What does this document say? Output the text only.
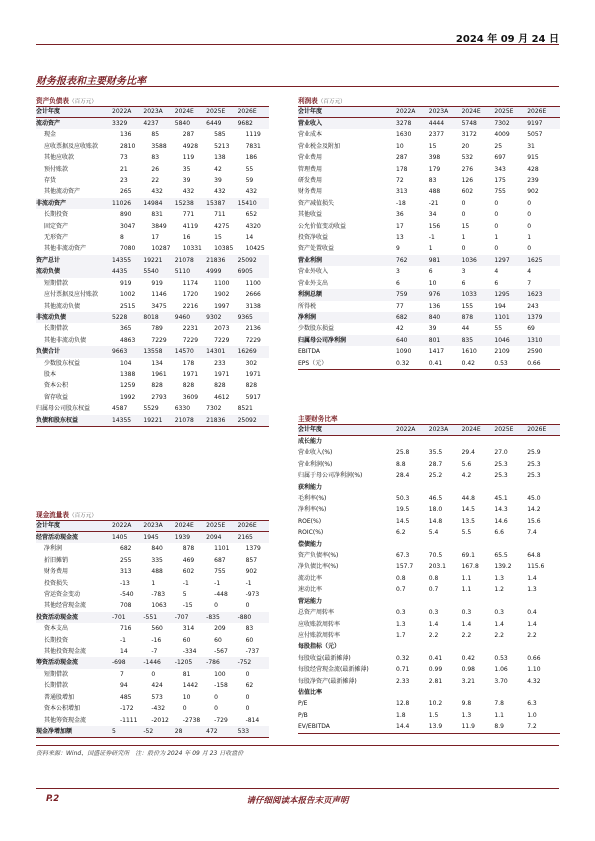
2024 年 09 月 24 日
财务报表和主要财务比率
资产负债表（百万元）
会计年度	2022A	2023A	2024E	2025E	2026E
流动资产	3329	4237	5840	6449	9682
现金	136	85	287	585	1119
应收票据及应收账款	2810	3588	4928	5213	7831
其他应收款	73	83	119	138	186
预付账款	21	26	35	42	55
存货	23	22	39	39	59
其他流动资产	265	432	432	432	432
非流动资产	11026	14984	15238	15387	15410
长期投资	890	831	771	711	652
固定资产	3047	3849	4119	4275	4320
无形资产	8	17	16	15	14
其他非流动资产	7080	10287	10331	10385	10425
资产总计	14355	19221	21078	21836	25092
流动负债	4435	5540	5110	4999	6905
短期借款	919	919	1174	1100	1100
应付票据及应付账款	1002	1146	1720	1902	2666
其他流动负债	2515	3475	2216	1997	3138
非流动负债	5228	8018	9460	9302	9365
长期借款	365	789	2231	2073	2136
其他非流动负债	4863	7229	7229	7229	7229
负债合计	9663	13558	14570	14301	16269
少数股东权益	104	134	178	233	302
股本	1388	1961	1971	1971	1971
资本公积	1259	828	828	828	828
留存收益	1992	2793	3609	4612	5917
归属母公司股东权益	4587	5529	6330	7302	8521
负债和股东权益	14355	19221	21078	21836	25092
利润表（百万元）
会计年度	2022A	2023A	2024E	2025E	2026E
营业收入	3278	4444	5748	7302	9197
营业成本	1630	2377	3172	4009	5057
营业税金及附加	10	15	20	25	31
营业费用	287	398	532	697	915
管理费用	178	179	276	343	428
研发费用	72	83	126	175	239
财务费用	313	488	602	755	902
资产减值损失	-18	-21	0	0	0
其他收益	36	34	0	0	0
公允价值变动收益	17	156	15	0	0
投资净收益	13	-1	1	1	1
资产处置收益	9	1	0	0	0
营业利润	762	981	1036	1297	1625
营业外收入	3	6	3	4	4
营业外支出	6	10	6	6	7
利润总额	759	976	1033	1295	1623
所得税	77	136	155	194	243
净利润	682	840	878	1101	1379
少数股东损益	42	39	44	55	69
归属母公司净利润	640	801	835	1046	1310
EBITDA	1090	1417	1610	2109	2590
EPS（元）	0.32	0.41	0.42	0.53	0.66
主要财务比率
会计年度	2022A	2023A	2024E	2025E	2026E
成长能力
营业收入(%)	25.8	35.5	29.4	27.0	25.9
营业利润(%)	8.8	28.7	5.6	25.3	25.3
归属于母公司净利润(%)	28.4	25.2	4.2	25.3	25.3
获利能力
毛利率(%)	50.3	46.5	44.8	45.1	45.0
净利率(%)	19.5	18.0	14.5	14.3	14.2
ROE(%)	14.5	14.8	13.5	14.6	15.6
ROIC(%)	6.2	5.4	5.5	6.6	7.4
偿债能力
资产负债率(%)	67.3	70.5	69.1	65.5	64.8
净负债比率(%)	157.7	203.1	167.8	139.2	115.6
流动比率	0.8	0.8	1.1	1.3	1.4
速动比率	0.7	0.7	1.1	1.2	1.3
营运能力
总资产周转率	0.3	0.3	0.3	0.3	0.4
应收账款周转率	1.3	1.4	1.4	1.4	1.4
应付账款周转率	1.7	2.2	2.2	2.2	2.2
每股指标（元）
每股收益(最新摊薄)	0.32	0.41	0.42	0.53	0.66
每股经营现金流(最新摊薄)	0.71	0.99	0.98	1.06	1.10
每股净资产(最新摊薄)	2.33	2.81	3.21	3.70	4.32
估值比率
P/E	12.8	10.2	9.8	7.8	6.3
P/B	1.8	1.5	1.3	1.1	1.0
EV/EBITDA	14.4	13.9	11.9	8.9	7.2
现金流量表（百万元）
会计年度	2022A	2023A	2024E	2025E	2026E
经营活动现金流	1405	1945	1939	2094	2165
净利润	682	840	878	1101	1379
折旧摊销	255	335	469	687	857
财务费用	313	488	602	755	902
投资损失	-13	1	-1	-1	-1
营运资金变动	-540	-783	5	-448	-973
其他经营现金流	708	1063	-15	0	0
投资活动现金流	-701	-551	-707	-835	-880
资本支出	716	560	314	209	83
长期投资	-1	-16	60	60	60
其他投资现金流	14	-7	-334	-567	-737
筹资活动现金流	-698	-1446	-1205	-786	-752
短期借款	7	0	81	100	0
长期借款	94	424	1442	-158	62
普通股增加	485	573	10	0	0
资本公积增加	-172	-432	0	0	0
其他筹资现金流	-1111	-2012	-2738	-729	-814
现金净增加额	5	-52	28	472	533
资料来源：Wind、国盛证券研究所　注：股价为 2024 年 09 月 23 日收盘价
P.2	请仔细阅读本报告末页声明
